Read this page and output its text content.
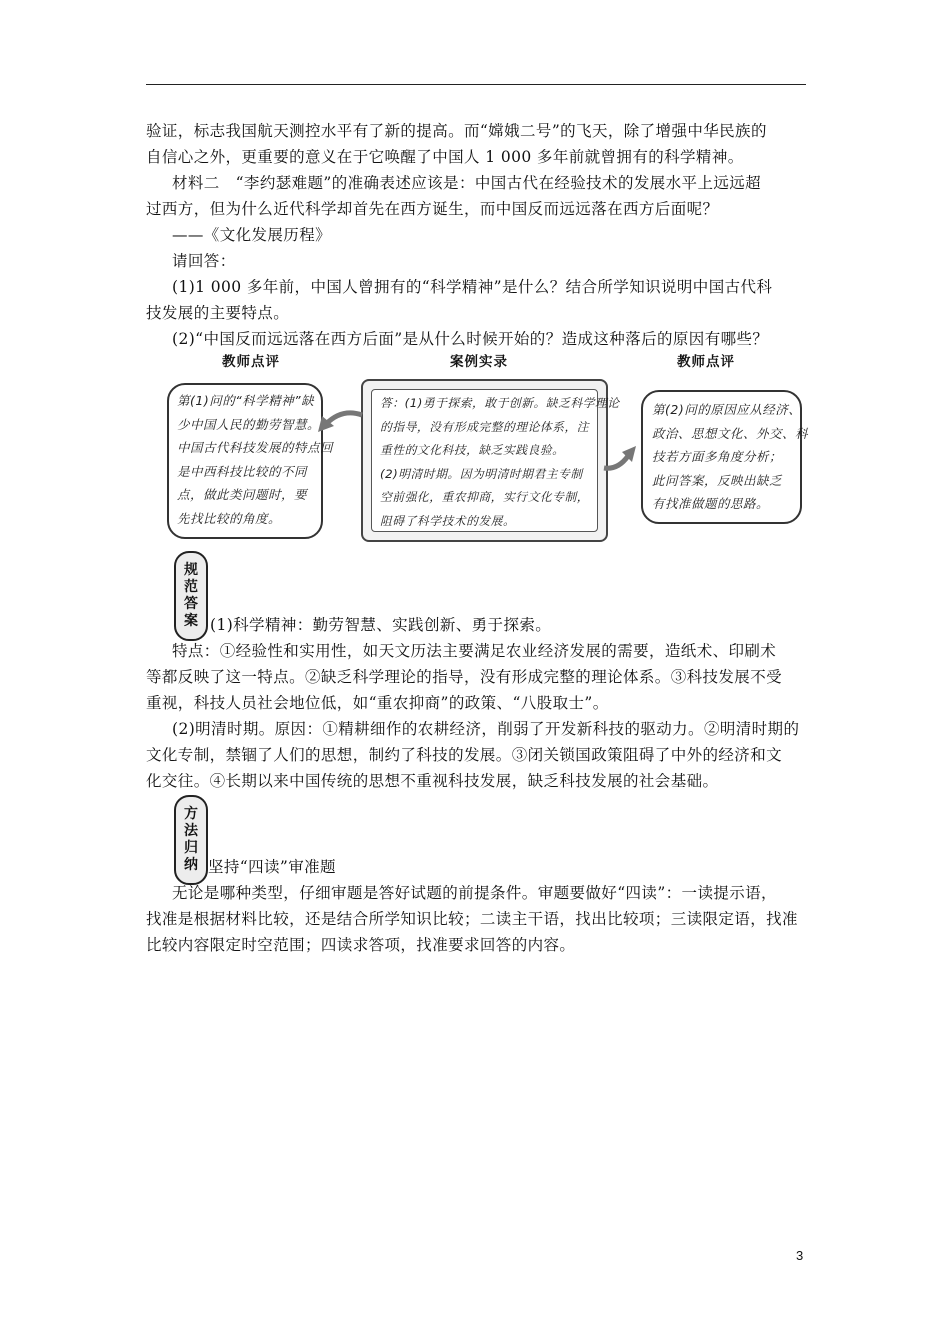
验证，标志我国航天测控水平有了新的提高。而“嫦娥二号”的飞天，除了增强中华民族的
自信心之外，更重要的意义在于它唤醒了中国人 1 000 多年前就曾拥有的科学精神。
材料二　“李约瑟难题”的准确表述应该是：中国古代在经验技术的发展水平上远远超
过西方，但为什么近代科学却首先在西方诞生，而中国反而远远落在西方后面呢？
——《文化发展历程》
请回答：
(1)1 000 多年前，中国人曾拥有的“科学精神”是什么？结合所学知识说明中国古代科
技发展的主要特点。
(2)“中国反而远远落在西方后面”是从什么时候开始的？造成这种落后的原因有哪些？
教师点评	案例实录	教师点评
第(1)问的“科学精神”缺
少中国人民的勤劳智慧。
中国古代科技发展的特点回
是中西科技比较的不同
点，做此类问题时，要
先找比较的角度。
答：(1)勇于探索，敢于创新。缺乏科学理论
的指导，没有形成完整的理论体系，注
重性的文化科技，缺乏实践良验。
(2)明清时期。因为明清时期君主专制
空前强化，重农抑商，实行文化专制，
阻碍了科学技术的发展。
第(2)问的原因应从经济、
政治、思想文化、外交、科
技若方面多角度分析；
此问答案，反映出缺乏
有找准做题的思路。
规
范
答
案 (1)科学精神：勤劳智慧、实践创新、勇于探索。
特点：①经验性和实用性，如天文历法主要满足农业经济发展的需要，造纸术、印刷术
等都反映了这一特点。②缺乏科学理论的指导，没有形成完整的理论体系。③科技发展不受
重视，科技人员社会地位低，如“重农抑商”的政策、“八股取士”。
(2)明清时期。原因：①精耕细作的农耕经济，削弱了开发新科技的驱动力。②明清时期的
文化专制，禁锢了人们的思想，制约了科技的发展。③闭关锁国政策阻碍了中外的经济和文
化交往。④长期以来中国传统的思想不重视科技发展，缺乏科技发展的社会基础。
方
法
归
纳 坚持“四读”审准题
无论是哪种类型，仔细审题是答好试题的前提条件。审题要做好“四读”：一读提示语，
找准是根据材料比较，还是结合所学知识比较；二读主干语，找出比较项；三读限定语，找准
比较内容限定时空范围；四读求答项，找准要求回答的内容。
3
